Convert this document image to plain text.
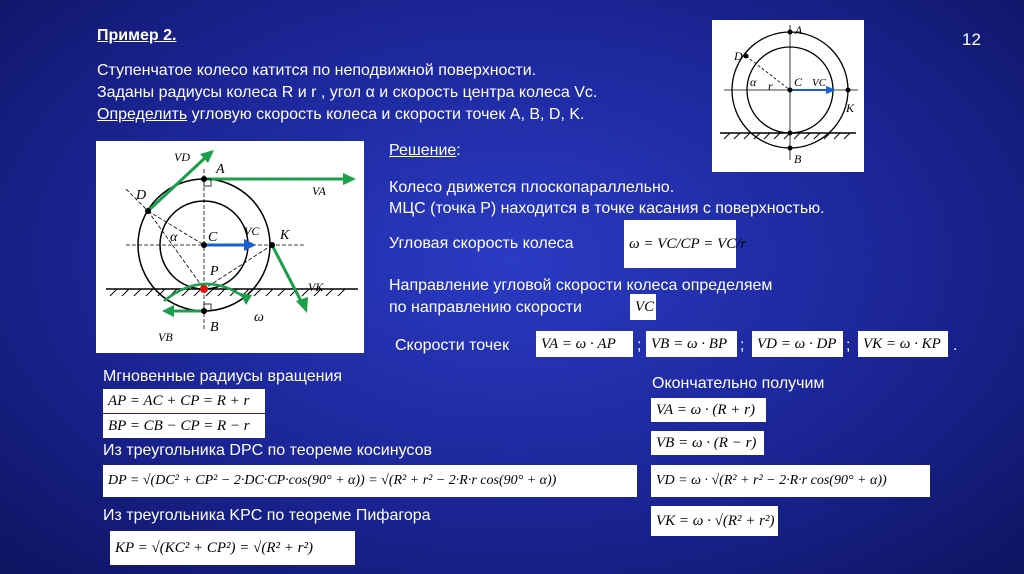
12
Пример 2.
Ступенчатое колесо катится по неподвижной поверхности.
Заданы радиусы колеса R и r , угол α и скорость центра колеса Vc.
Определить угловую скорость колеса и скорости точек A, B, D, K.
A
D
C
K
B
r
α	VC
A
D
C	K
P
B
α
ω
VD
VA
VC
VK
VB
Решение:
Колесо движется плоскопараллельно.
МЦС (точка P) находится в точке касания с поверхностью.
Угловая скорость колеса	ω = VC/CP = VC/r
Направление угловой скорости колеса определяем
по направлению скорости	VC
Скорости точек	VA = ω · AP	; VB = ω · BP ; VD = ω · DP ; VK = ω · KP .
Мгновенные радиусы вращения
AP = AC + CP = R + r
BP = CB − CP = R − r
Из треугольника DPC по теореме косинусов
DP = √(DC² + CP² − 2·DC·CP·cos(90° + α)) = √(R² + r² − 2·R·r cos(90° + α))
Из треугольника KPC по теореме Пифагора
KP = √(KC² + CP²) = √(R² + r²)
Окончательно получим
VA = ω · (R + r)
VB = ω · (R − r)
VD = ω · √(R² + r² − 2·R·r cos(90° + α))
VK = ω · √(R² + r²)
